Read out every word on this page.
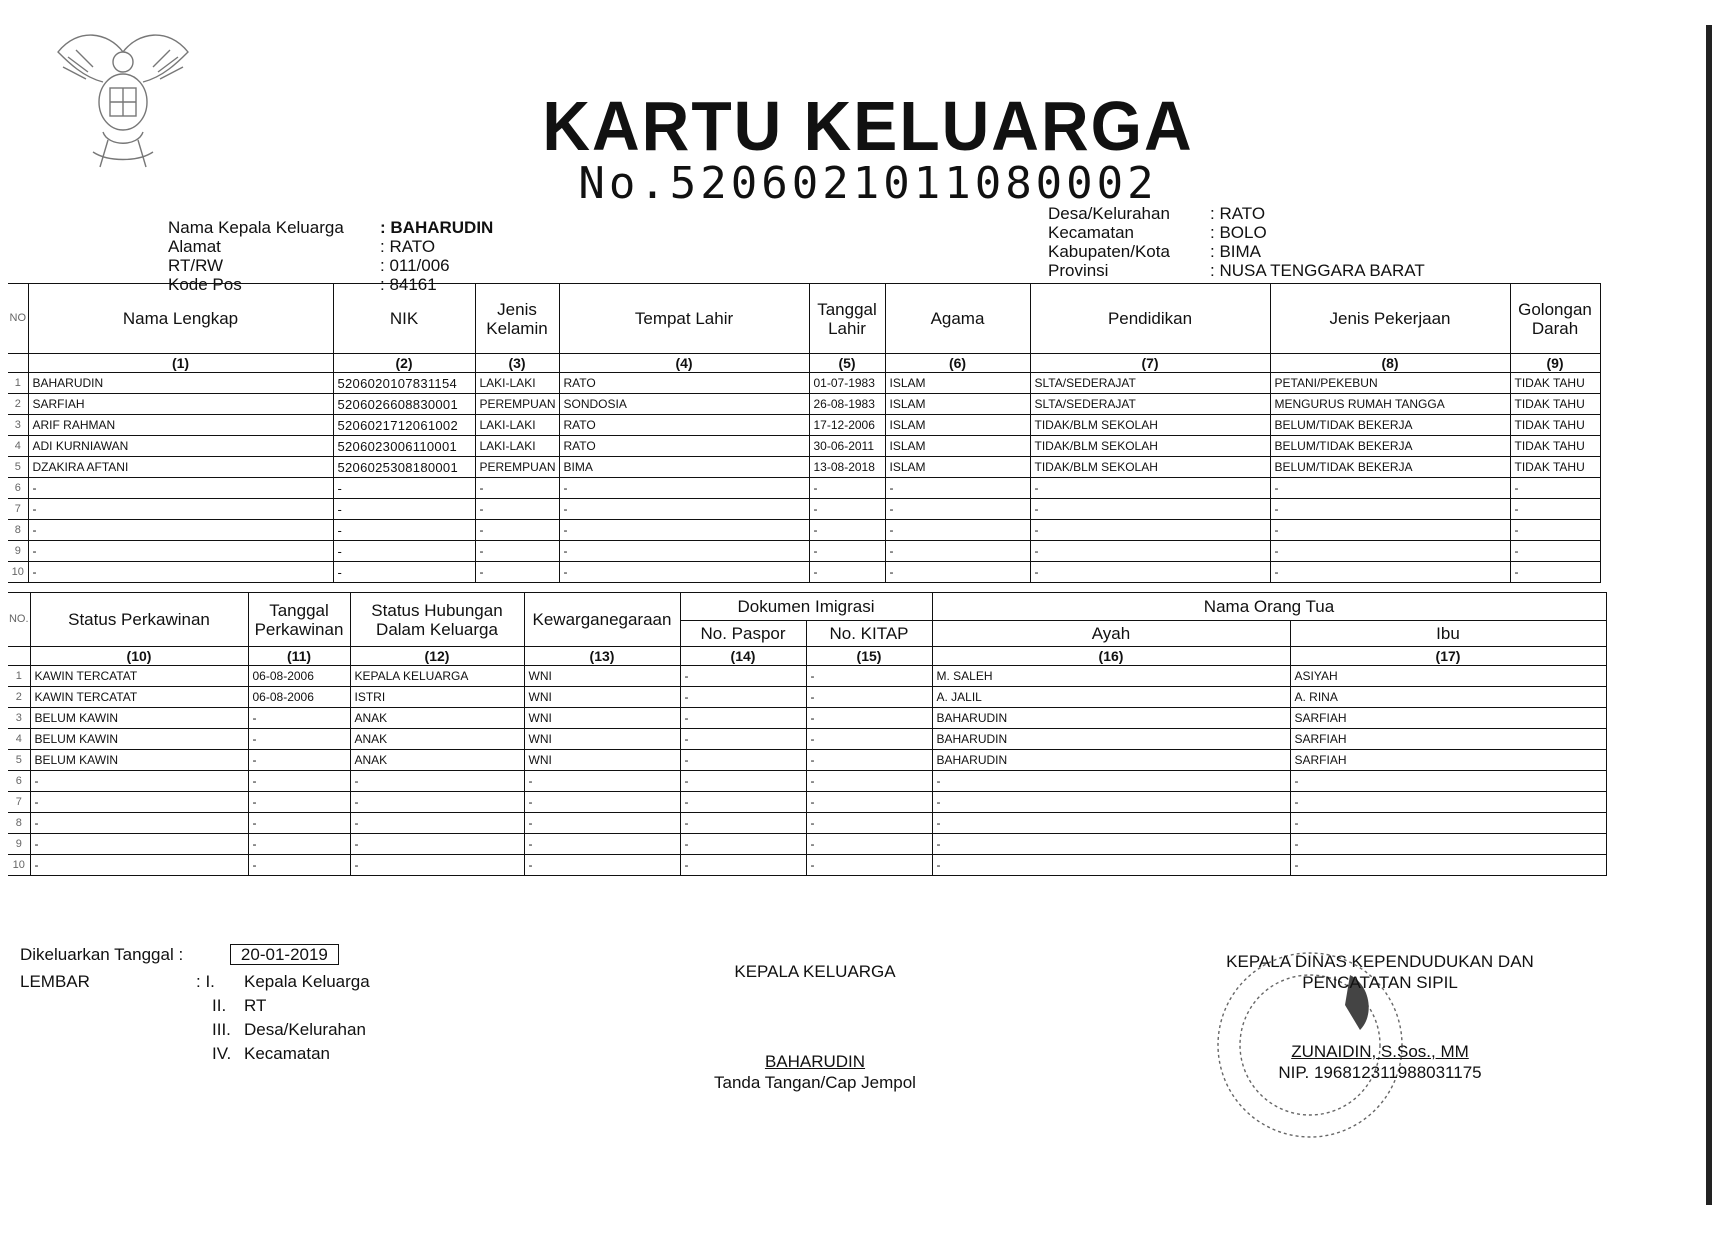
KARTU KELUARGA
No.5206021011080002
Nama Kepala Keluarga	: BAHARUDIN
Alamat	: RATO
RT/RW	: 011/006
Kode Pos	: 84161
Desa/Kelurahan	: RATO
Kecamatan	: BOLO
Kabupaten/Kota	: BIMA
Provinsi	: NUSA TENGGARA BARAT
NO	Nama Lengkap	NIK	Jenis Kelamin	Tempat Lahir	Tanggal Lahir	Agama	Pendidikan	Jenis Pekerjaan	Golongan Darah
	(1)	(2)	(3)	(4)	(5)	(6)	(7)	(8)	(9)
1	BAHARUDIN	5206020107831154	LAKI-LAKI	RATO	01-07-1983	ISLAM	SLTA/SEDERAJAT	PETANI/PEKEBUN	TIDAK TAHU
2	SARFIAH	5206026608830001	PEREMPUAN	SONDOSIA	26-08-1983	ISLAM	SLTA/SEDERAJAT	MENGURUS RUMAH TANGGA	TIDAK TAHU
3	ARIF RAHMAN	5206021712061002	LAKI-LAKI	RATO	17-12-2006	ISLAM	TIDAK/BLM SEKOLAH	BELUM/TIDAK BEKERJA	TIDAK TAHU
4	ADI KURNIAWAN	5206023006110001	LAKI-LAKI	RATO	30-06-2011	ISLAM	TIDAK/BLM SEKOLAH	BELUM/TIDAK BEKERJA	TIDAK TAHU
5	DZAKIRA AFTANI	5206025308180001	PEREMPUAN	BIMA	13-08-2018	ISLAM	TIDAK/BLM SEKOLAH	BELUM/TIDAK BEKERJA	TIDAK TAHU
6	-	-	-	-	-	-	-	-	-
7	-	-	-	-	-	-	-	-	-
8	-	-	-	-	-	-	-	-	-
9	-	-	-	-	-	-	-	-	-
10	-	-	-	-	-	-	-	-	-
NO.	Status Perkawinan	Tanggal Perkawinan	Status Hubungan Dalam Keluarga	Kewarganegaraan	Dokumen Imigrasi		Nama Orang Tua	
					No. Paspor	No. KITAP	Ayah	Ibu
	(10)	(11)	(12)	(13)	(14)	(15)	(16)	(17)
1	KAWIN TERCATAT	06-08-2006	KEPALA KELUARGA	WNI	-	-	M. SALEH	ASIYAH
2	KAWIN TERCATAT	06-08-2006	ISTRI	WNI	-	-	A. JALIL	A. RINA
3	BELUM KAWIN	-	ANAK	WNI	-	-	BAHARUDIN	SARFIAH
4	BELUM KAWIN	-	ANAK	WNI	-	-	BAHARUDIN	SARFIAH
5	BELUM KAWIN	-	ANAK	WNI	-	-	BAHARUDIN	SARFIAH
6	-	-	-	-	-	-	-	-
7	-	-	-	-	-	-	-	-
8	-	-	-	-	-	-	-	-
9	-	-	-	-	-	-	-	-
10	-	-	-	-	-	-	-	-
Dikeluarkan Tanggal :	20-01-2019
LEMBAR	: I. Kepala Keluarga
II. RT
III. Desa/Kelurahan
IV. Kecamatan
KEPALA KELUARGA
BAHARUDIN
Tanda Tangan/Cap Jempol
KEPALA DINAS KEPENDUDUKAN DAN
PENCATATAN SIPIL
ZUNAIDIN, S.Sos., MM
NIP. 196812311988031175
